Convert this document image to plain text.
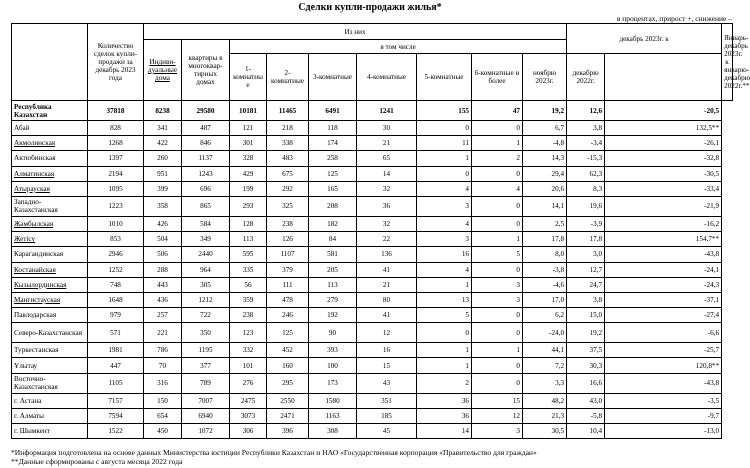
Сделки купли-продажи жилья*
в процентах, прирост +, снижение –
	Количество сделок купли-продажи за декабрь 2023 года	Из них									декабрь 2023г. к		Январь-декабрь 2023г. к январю-декабрю 2022г.**
		Индиви-дуальные дома	квартиры в многоквар-тирных домах	в том числе									
				1-комнатны е	2-комнатные	3-комнатные	4-комнатные	5-комнатные	6-комнатные и более	ноябрю 2023г.	декабрю 2022г.		
Республика Казахстан	37818	8238	29580	10181	11465	6491	1241	155	47	19,2	12,6	-20,5	
Абай	828	341	487	121	218	118	30	0	0	6,7	3,8	132,5**	
Акмолинская	1268	422	846	301	338	174	21	11	1	-4,8	-3,4	-26,1	
Актюбинская	1397	260	1137	328	483	258	65	1	2	14,3	-15,3	-32,8	
Алматинская	2194	951	1243	429	675	125	14	0	0	29,4	62,3	-30,5	
Атырауская	1095	399	696	199	292	165	32	4	4	20,6	8,3	-33,4	
Западно-Казахстанская	1223	358	865	293	325	208	36	3	0	14,1	19,6	-21,9	
Жамбылская	1010	426	584	128	238	182	32	4	0	2,5	-3,9	-16,2	
Жетісу	853	504	349	113	126	84	22	3	1	17,8	17,8	154,7**	
Карагандинская	2946	506	2440	595	1107	581	136	16	5	8,0	3,0	-43,8	
Костанайская	1252	288	964	335	379	205	41	4	0	-3,8	12,7	-24,1	
Кызылординская	748	443	305	56	111	113	21	1	3	-4,6	24,7	-24,3	
Мангистауская	1648	436	1212	359	478	279	80	13	3	17,0	3,8	-37,1	
Павлодарская	979	257	722	238	246	192	41	5	0	6,2	15,0	-27,4	
Северо-Казахстанская	571	221	350	123	125	90	12	0	0	-24,0	19,2	-6,6	
Туркестанская	1981	786	1195	332	452	393	16	1	1	44,1	37,5	-25,7	
Ұлытау	447	70	377	101	160	100	15	1	0	7,2	30,3	120,8**	
Восточно-Казахстанская	1105	316	789	276	295	173	43	2	0	3,3	16,6	-43,8	
г. Астана	7157	150	7007	2475	2550	1580	351	36	15	48,2	43,0	-3,5	
г. Алматы	7594	654	6940	3073	2471	1163	185	36	12	21,3	-5,8	-9,7	
г. Шымкент	1522	450	1072	306	396	308	45	14	3	30,5	10,4	-13,0	
*Информация подготовлена на основе данных Министерства юстиции Республики Казахстан и НАО «Государственная корпорация «Правительство для граждан»
**Данные сформированы с августа месяца 2022 года
